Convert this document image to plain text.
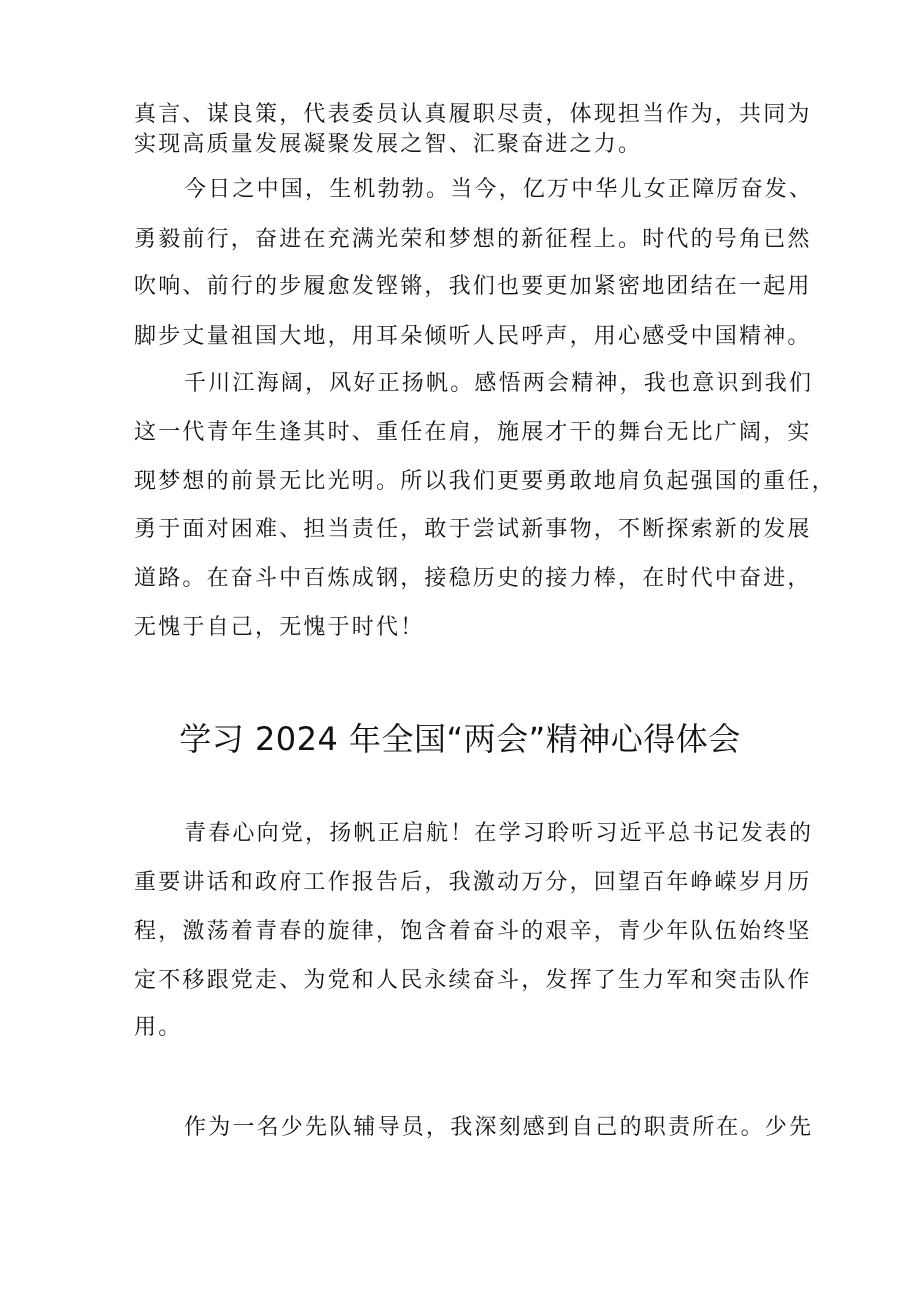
真言、谋良策，代表委员认真履职尽责，体现担当作为，共同为
实现高质量发展凝聚发展之智、汇聚奋进之力。
今日之中国，生机勃勃。当今，亿万中华儿女正障厉奋发、
勇毅前行，奋进在充满光荣和梦想的新征程上。时代的号角已然
吹响、前行的步履愈发铿锵，我们也要更加紧密地团结在一起用
脚步丈量祖国大地，用耳朵倾听人民呼声，用心感受中国精神。
千川江海阔，风好正扬帆。感悟两会精神，我也意识到我们
这一代青年生逢其时、重任在肩，施展才干的舞台无比广阔，实
现梦想的前景无比光明。所以我们更要勇敢地肩负起强国的重任，
勇于面对困难、担当责任，敢于尝试新事物，不断探索新的发展
道路。在奋斗中百炼成钢，接稳历史的接力棒，在时代中奋进，
无愧于自己，无愧于时代！
学习 2024 年全国“两会”精神心得体会
青春心向党，扬帆正启航！在学习聆听习近平总书记发表的
重要讲话和政府工作报告后，我激动万分，回望百年峥嵘岁月历
程，激荡着青春的旋律，饱含着奋斗的艰辛，青少年队伍始终坚
定不移跟党走、为党和人民永续奋斗，发挥了生力军和突击队作
用。
作为一名少先队辅导员，我深刻感到自己的职责所在。少先
